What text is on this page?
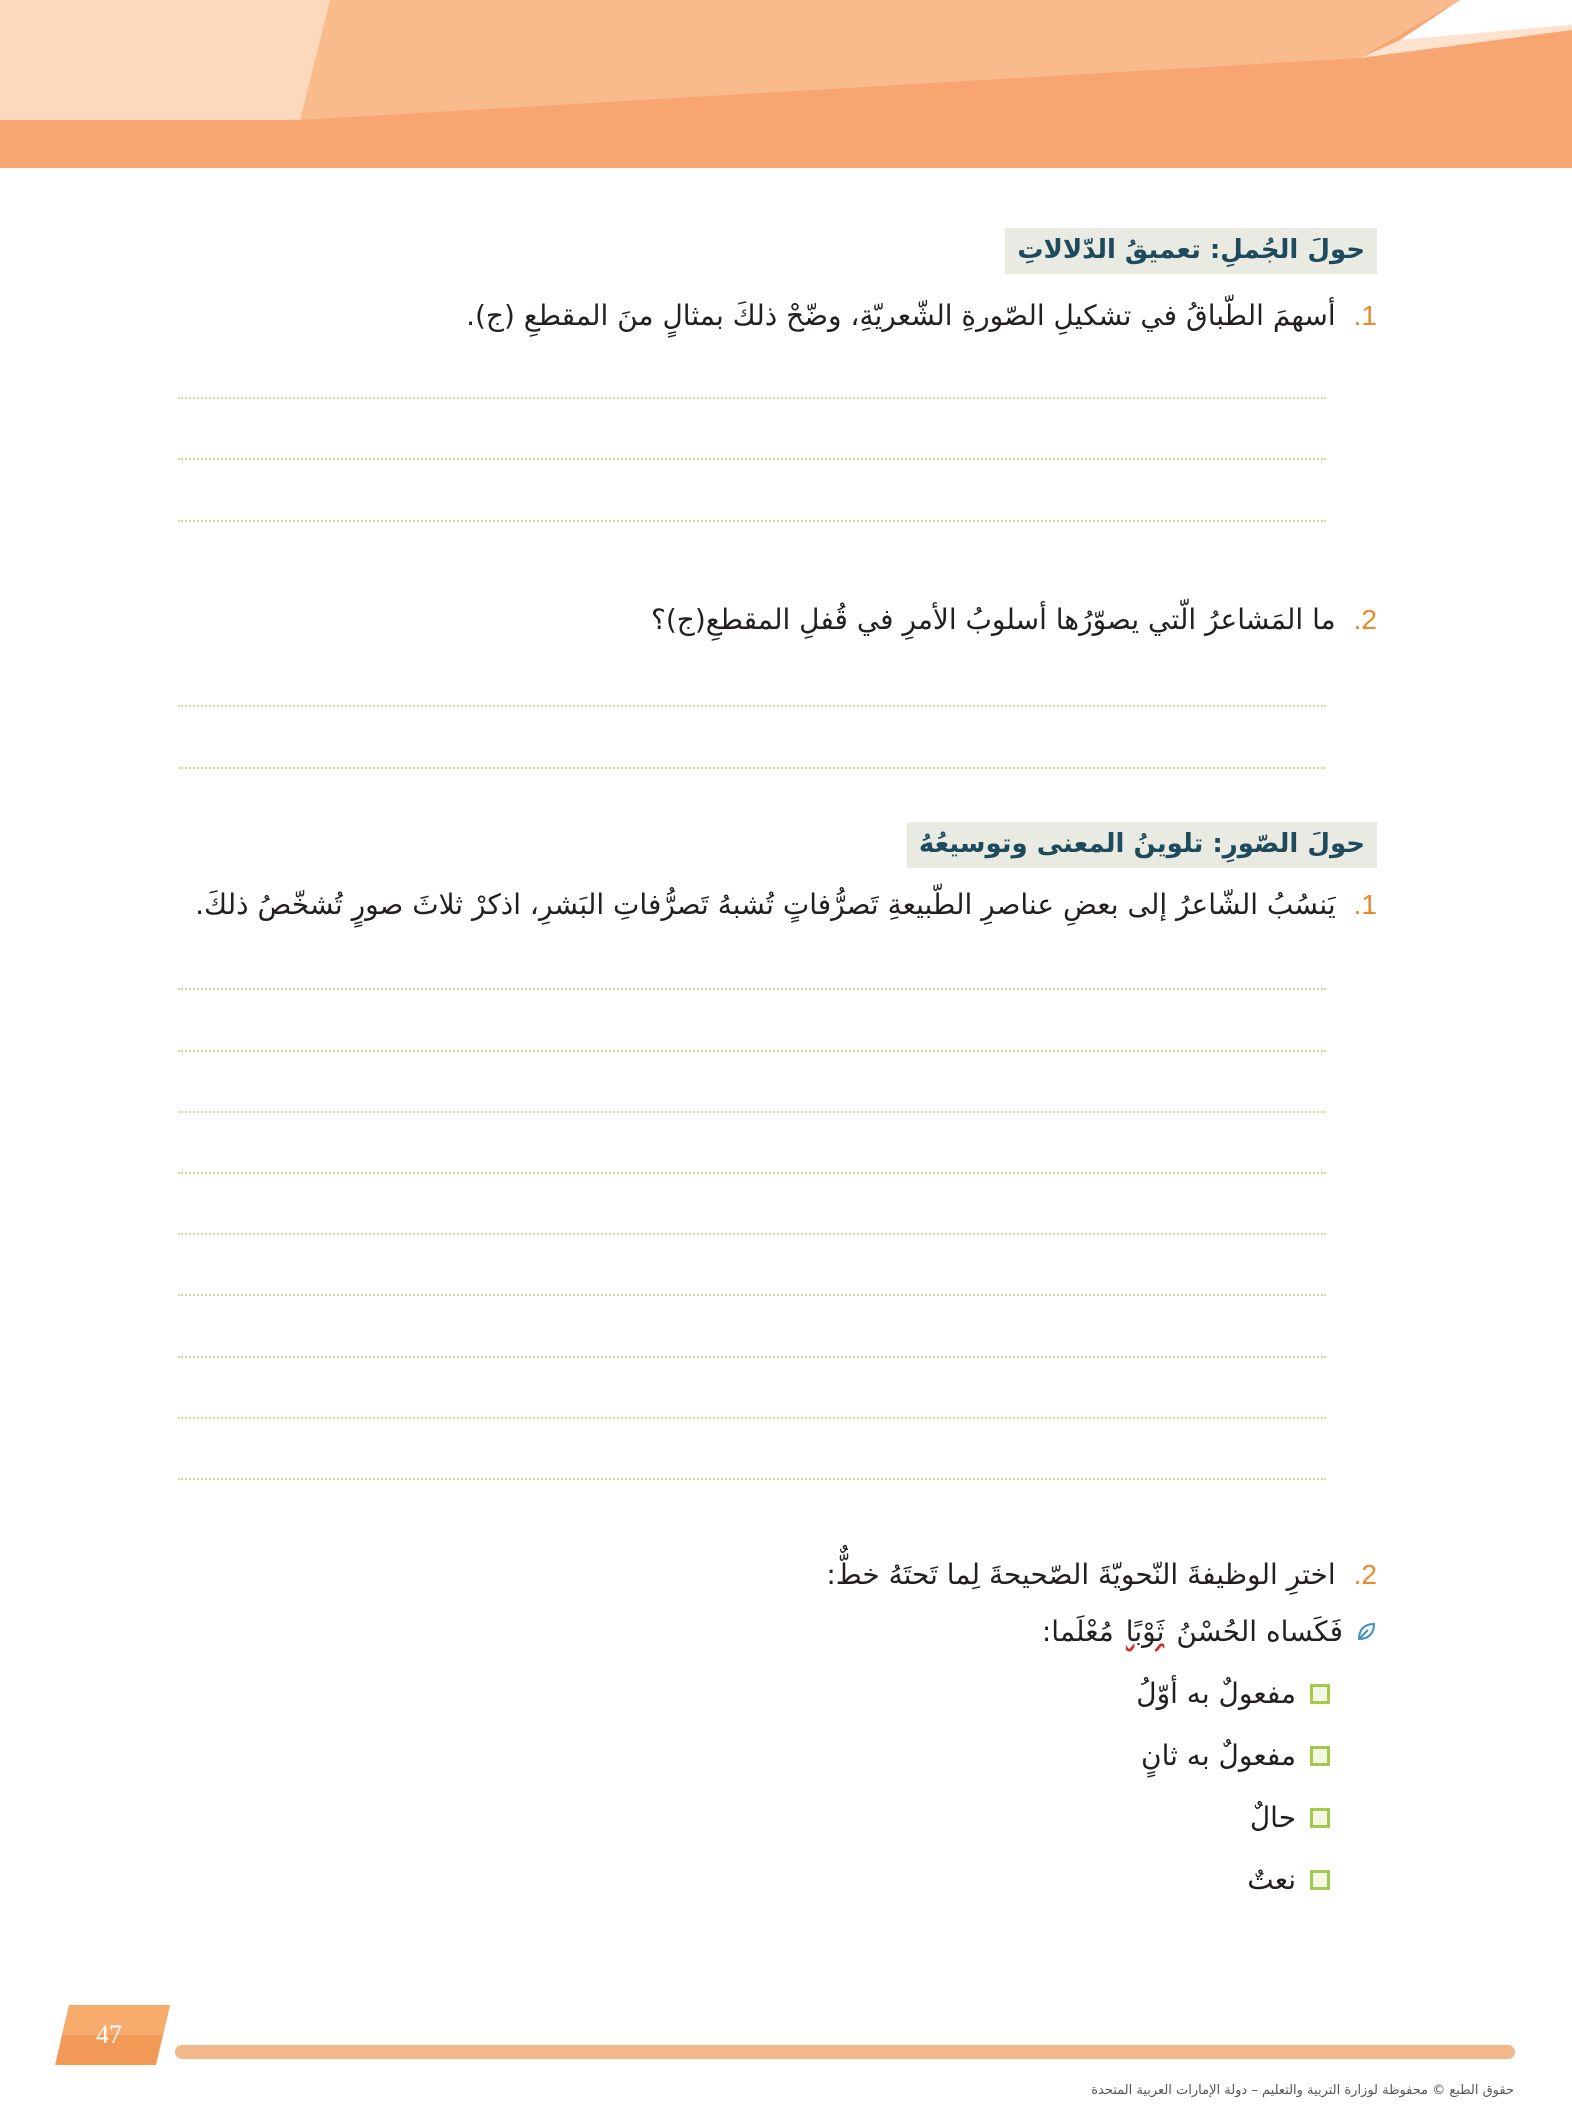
حولَ الجُملِ: تعميقُ الدّلالاتِ
1.
أسهمَ الطّباقُ في تشكيلِ الصّورةِ الشّعريّةِ، وضّحْ ذلكَ بمثالٍ منَ المقطعِ (ج).
2.
ما المَشاعرُ الّتي يصوّرُها أسلوبُ الأمرِ في قُفلِ المقطعِ(ج)؟
حولَ الصّورِ: تلوينُ المعنى وتوسيعُهُ
1.
يَنسُبُ الشّاعرُ إلى بعضِ عناصرِ الطّبيعةِ تَصرُّفاتٍ تُشبهُ تَصرُّفاتِ البَشرِ، اذكرْ ثلاثَ صورٍ تُشخّصُ ذلكَ.
2.
اخترِ الوظيفةَ النّحويّةَ الصّحيحةَ لِما تَحتَهُ خطٌّ:
فَكَساه الحُسْنُ
ثَوْبًا
مُعْلَما:
مفعولٌ به أوّلُ
مفعولٌ به ثانٍ
حالٌ
نعتٌ
47
حقوق الطبع © محفوظة لوزارة التربية والتعليم – دولة الإمارات العربية المتحدة
